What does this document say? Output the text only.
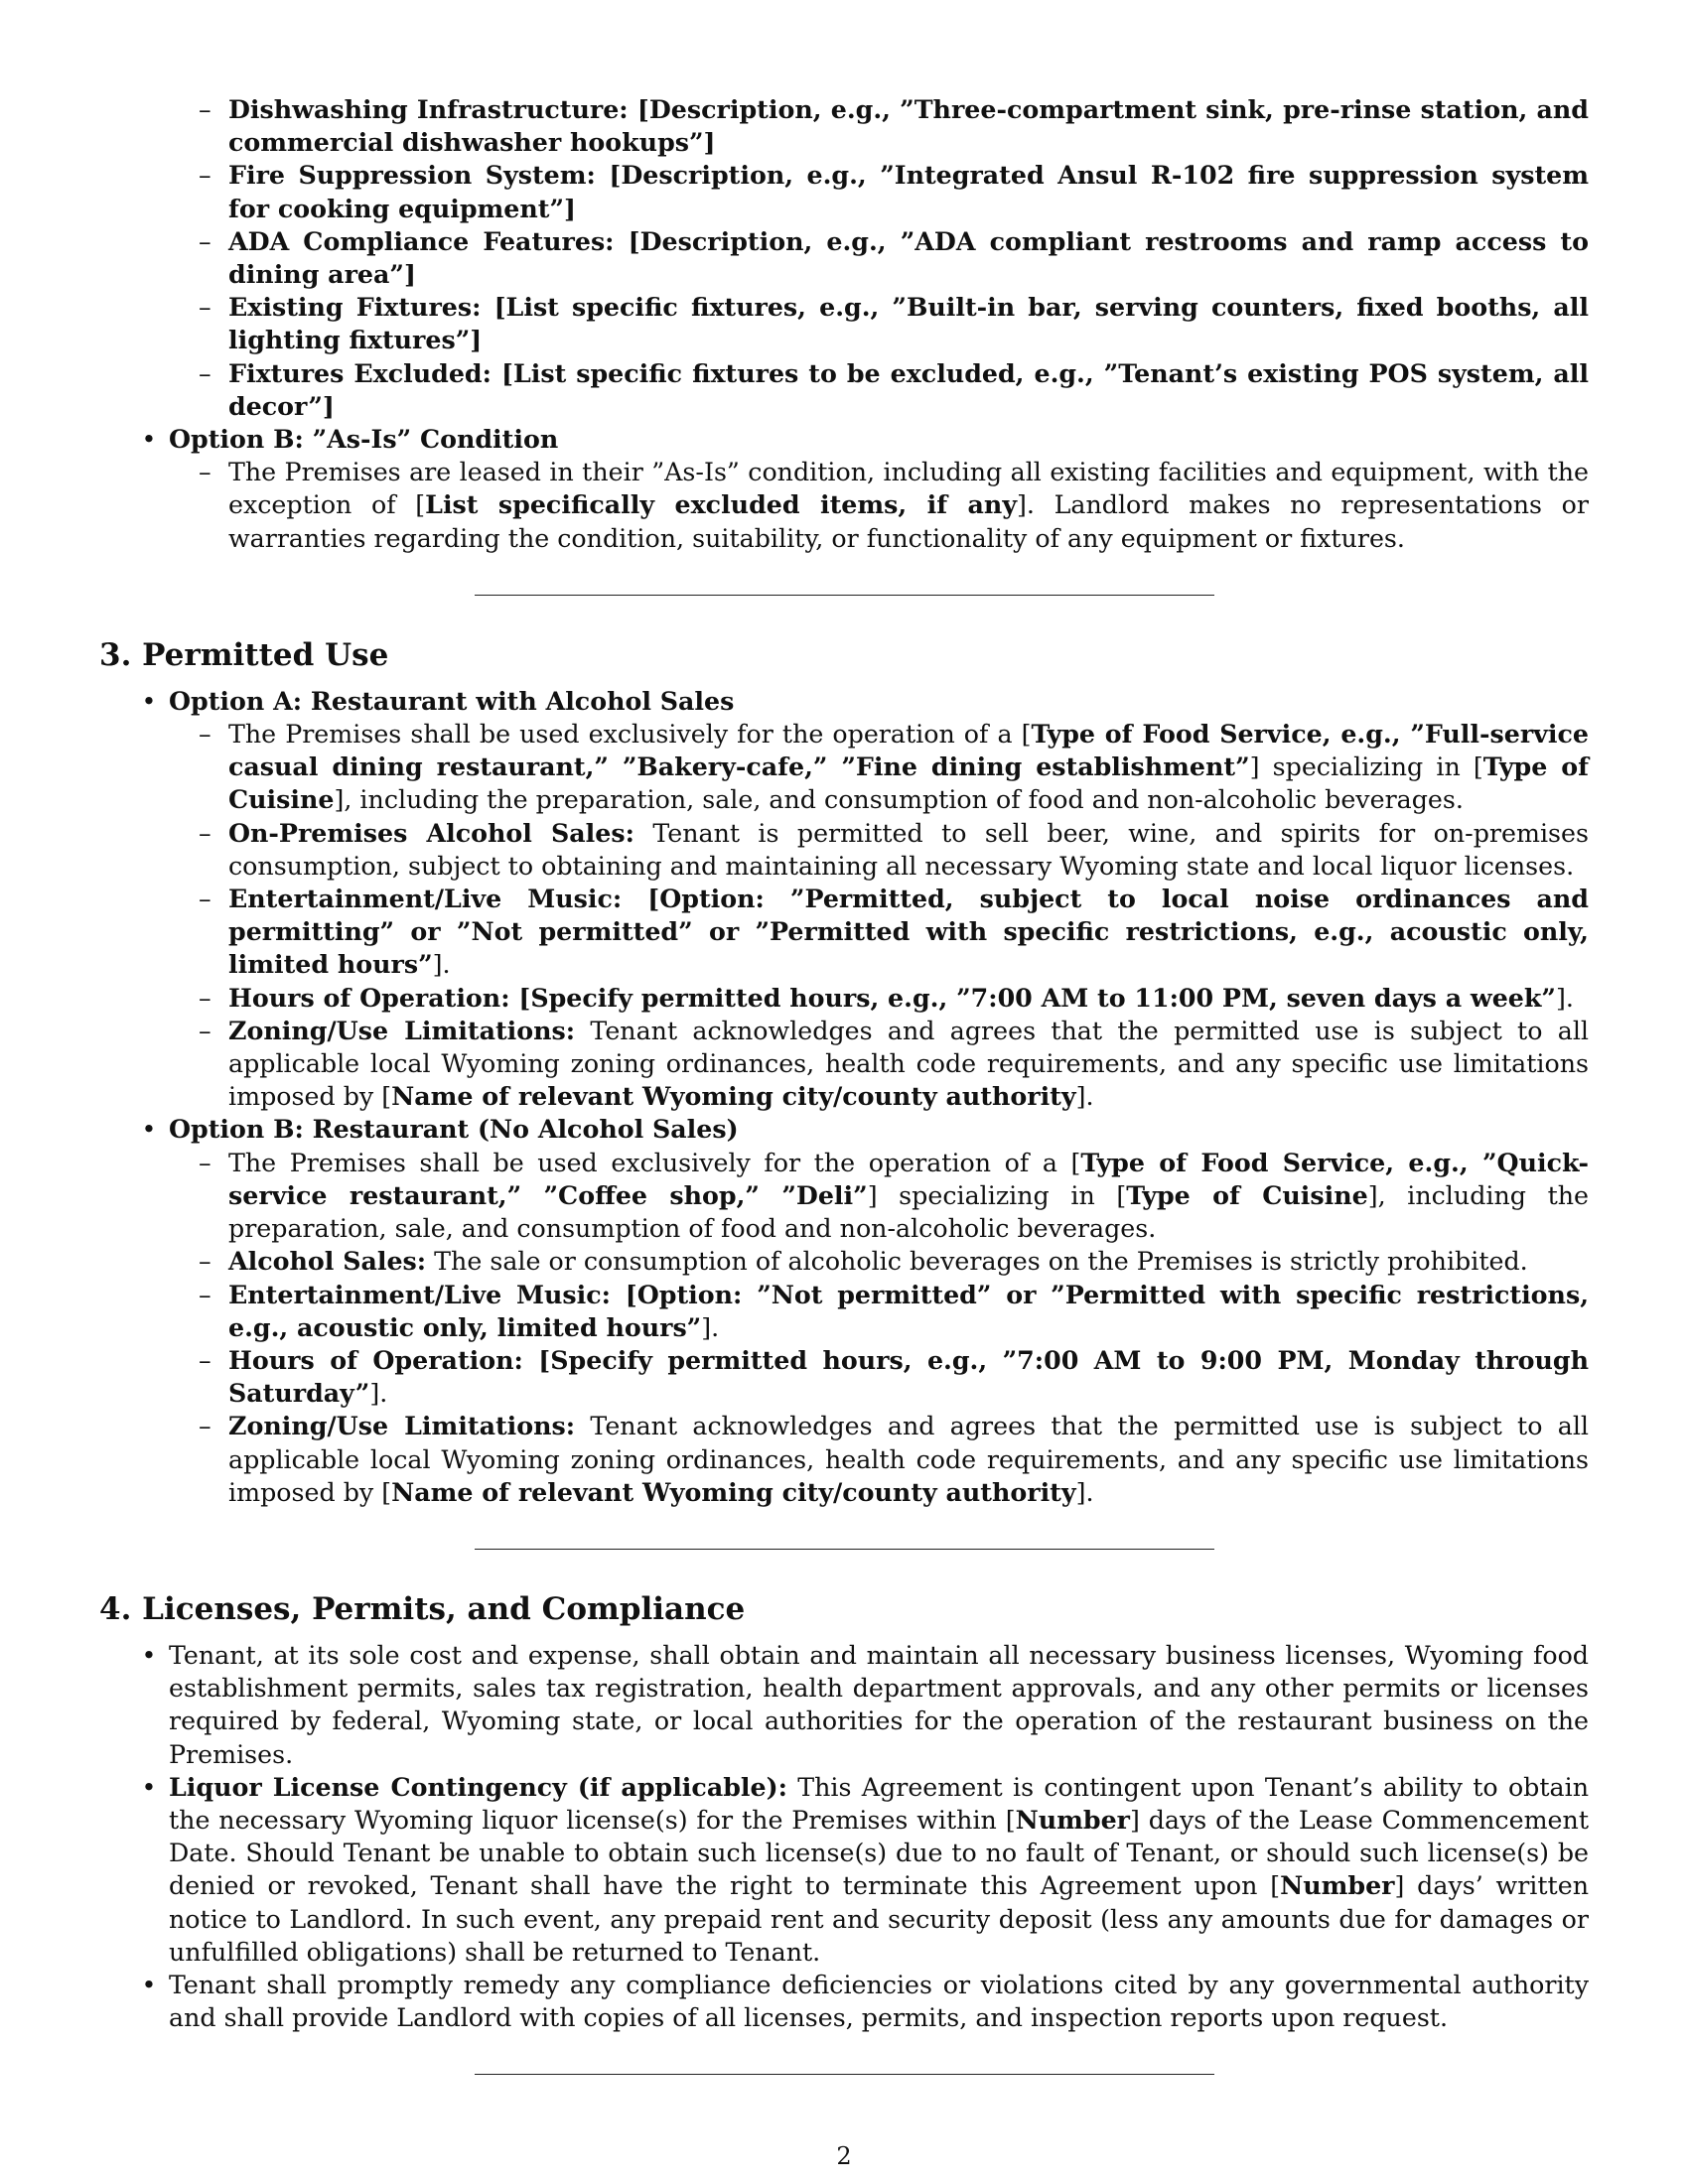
– Dishwashing Infrastructure: [Description, e.g., ”Three-compartment sink, pre-rinse station, and commercial dishwasher hookups”]
– Fire Suppression System: [Description, e.g., ”Integrated Ansul R-102 fire suppression system for cooking equipment”]
– ADA Compliance Features: [Description, e.g., ”ADA compliant restrooms and ramp access to dining area”]
– Existing Fixtures: [List specific fixtures, e.g., ”Built-in bar, serving counters, fixed booths, all lighting fixtures”]
– Fixtures Excluded: [List specific fixtures to be excluded, e.g., ”Tenant’s existing POS system, all decor”]
• Option B: ”As-Is” Condition
– The Premises are leased in their ”As-Is” condition, including all existing facilities and equipment, with the exception of [List specifically excluded items, if any]. Landlord makes no representations or warranties regarding the condition, suitability, or functionality of any equipment or fixtures.
3. Permitted Use
• Option A: Restaurant with Alcohol Sales
– The Premises shall be used exclusively for the operation of a [Type of Food Service, e.g., ”Full-service casual dining restaurant,” ”Bakery-cafe,” ”Fine dining establishment”] specializing in [Type of Cuisine], including the preparation, sale, and consumption of food and non-alcoholic beverages.
– On-Premises Alcohol Sales: Tenant is permitted to sell beer, wine, and spirits for on-premises consumption, subject to obtaining and maintaining all necessary Wyoming state and local liquor licenses.
– Entertainment/Live Music: [Option: ”Permitted, subject to local noise ordinances and permitting” or ”Not permitted” or ”Permitted with specific restrictions, e.g., acoustic only, limited hours”].
– Hours of Operation: [Specify permitted hours, e.g., ”7:00 AM to 11:00 PM, seven days a week”].
– Zoning/Use Limitations: Tenant acknowledges and agrees that the permitted use is subject to all applicable local Wyoming zoning ordinances, health code requirements, and any specific use limitations imposed by [Name of relevant Wyoming city/county authority].
• Option B: Restaurant (No Alcohol Sales)
– The Premises shall be used exclusively for the operation of a [Type of Food Service, e.g., ”Quick-service restaurant,” ”Coffee shop,” ”Deli”] specializing in [Type of Cuisine], including the preparation, sale, and consumption of food and non-alcoholic beverages.
– Alcohol Sales: The sale or consumption of alcoholic beverages on the Premises is strictly prohibited.
– Entertainment/Live Music: [Option: ”Not permitted” or ”Permitted with specific restrictions, e.g., acoustic only, limited hours”].
– Hours of Operation: [Specify permitted hours, e.g., ”7:00 AM to 9:00 PM, Monday through Saturday”].
– Zoning/Use Limitations: Tenant acknowledges and agrees that the permitted use is subject to all applicable local Wyoming zoning ordinances, health code requirements, and any specific use limitations imposed by [Name of relevant Wyoming city/county authority].
4. Licenses, Permits, and Compliance
• Tenant, at its sole cost and expense, shall obtain and maintain all necessary business licenses, Wyoming food establishment permits, sales tax registration, health department approvals, and any other permits or licenses required by federal, Wyoming state, or local authorities for the operation of the restaurant business on the Premises.
• Liquor License Contingency (if applicable): This Agreement is contingent upon Tenant’s ability to obtain the necessary Wyoming liquor license(s) for the Premises within [Number] days of the Lease Commencement Date. Should Tenant be unable to obtain such license(s) due to no fault of Tenant, or should such license(s) be denied or revoked, Tenant shall have the right to terminate this Agreement upon [Number] days’ written notice to Landlord. In such event, any prepaid rent and security deposit (less any amounts due for damages or unfulfilled obligations) shall be returned to Tenant.
• Tenant shall promptly remedy any compliance deficiencies or violations cited by any governmental authority and shall provide Landlord with copies of all licenses, permits, and inspection reports upon request.
2
